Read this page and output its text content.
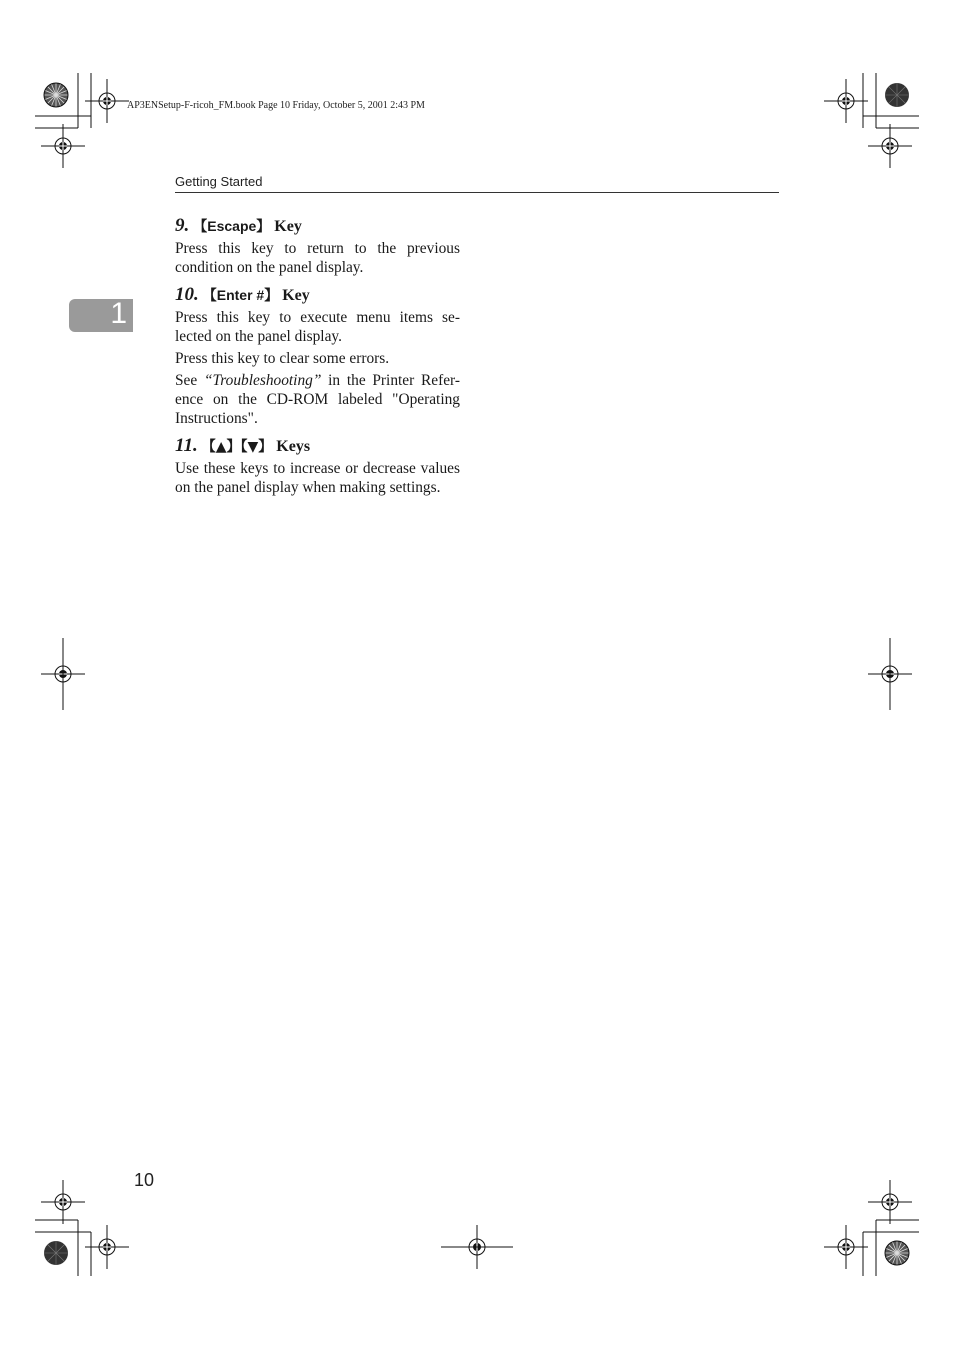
AP3ENSetup-F-ricoh_FM.book Page 10 Friday, October 5, 2001 2:43 PM
Getting Started
1
9. 【Escape】 Key

Press this key to return to the previous condition on the panel display.

10. 【Enter #】 Key

Press this key to execute menu items se-lected on the panel display.

Press this key to clear some errors.

See “Troubleshooting” in the Printer Refer-ence on the CD-ROM labeled "Operating Instructions".

11. 【▲】【▼】 Keys

Use these keys to increase or decrease values on the panel display when making settings.

10
